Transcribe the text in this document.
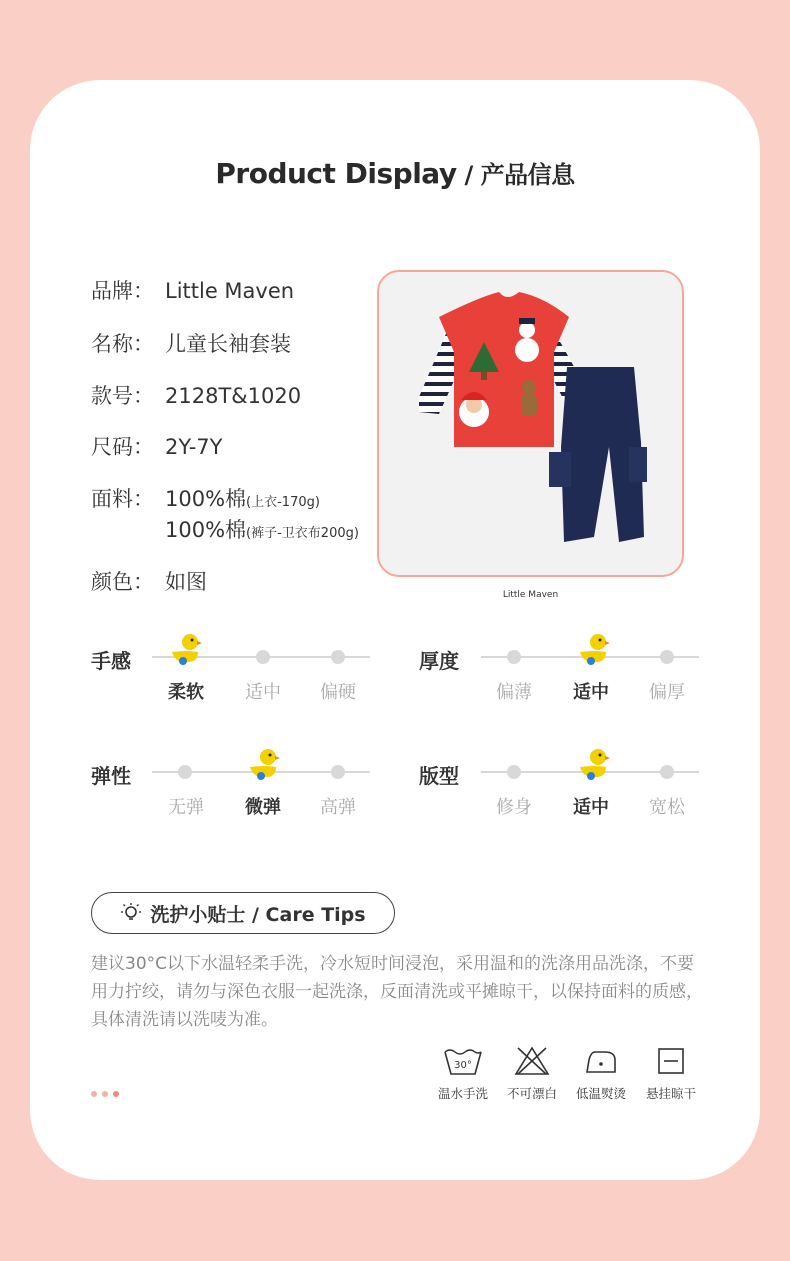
Product Display / 产品信息
品牌： Little Maven
名称： 儿童长袖套装
款号： 2128T&1020
尺码： 2Y-7Y
面料： 100%棉(上衣-170g)
100%棉(裤子-卫衣布200g)
颜色： 如图
Little Maven
手感
柔软	适中	偏硬
厚度
偏薄	适中	偏厚
弹性
无弹	微弹	高弹
版型
修身	适中	宽松
洗护小贴士 / Care Tips
建议30°C以下水温轻柔手洗，冷水短时间浸泡，采用温和的洗涤用品洗涤，不要用力拧绞，请勿与深色衣服一起洗涤，反面清洗或平摊晾干，以保持面料的质感，具体清洗请以洗唛为准。
30°
温水手洗	不可漂白	低温熨烫	悬挂晾干
